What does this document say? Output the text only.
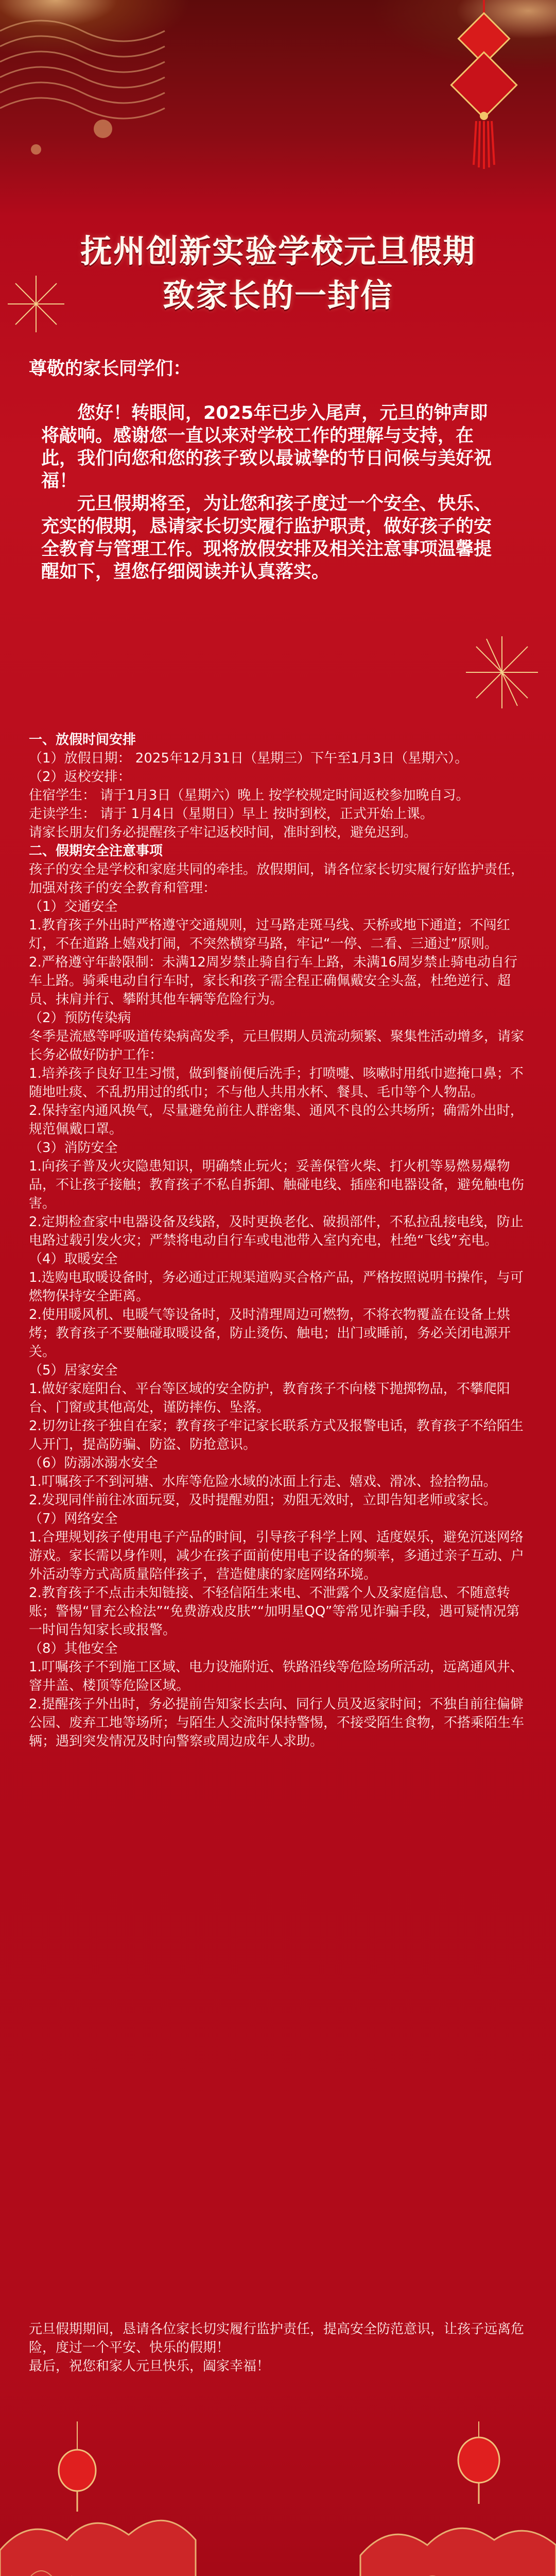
抚州创新实验学校元旦假期
致家长的一封信
尊敬的家长同学们：

您好！转眼间，2025年已步入尾声，元旦的钟声即将敲响。感谢您一直以来对学校工作的理解与支持，在此，我们向您和您的孩子致以最诚挚的节日问候与美好祝福！

元旦假期将至，为让您和孩子度过一个安全、快乐、充实的假期，恳请家长切实履行监护职责，做好孩子的安全教育与管理工作。现将放假安排及相关注意事项温馨提醒如下，望您仔细阅读并认真落实。

一、放假时间安排
（1）放假日期： 2025年12月31日（星期三）下午至1月3日（星期六）。
（2）返校安排：
住宿学生： 请于1月3日（星期六）晚上 按学校规定时间返校参加晚自习。
走读学生： 请于 1月4日（星期日）早上 按时到校，正式开始上课。
请家长朋友们务必提醒孩子牢记返校时间，准时到校，避免迟到。
二、假期安全注意事项
孩子的安全是学校和家庭共同的牵挂。放假期间，请各位家长切实履行好监护责任，加强对孩子的安全教育和管理：
（1）交通安全
1.教育孩子外出时严格遵守交通规则，过马路走斑马线、天桥或地下通道；不闯红灯，不在道路上嬉戏打闹，不突然横穿马路，牢记“一停、二看、三通过”原则。
2.严格遵守年龄限制：未满12周岁禁止骑自行车上路，未满16周岁禁止骑电动自行车上路。骑乘电动自行车时，家长和孩子需全程正确佩戴安全头盔，杜绝逆行、超员、抹肩并行、攀附其他车辆等危险行为。
（2）预防传染病
冬季是流感等呼吸道传染病高发季，元旦假期人员流动频繁、聚集性活动增多，请家长务必做好防护工作：
1.培养孩子良好卫生习惯，做到餐前便后洗手；打喷嚏、咳嗽时用纸巾遮掩口鼻；不随地吐痰、不乱扔用过的纸巾；不与他人共用水杯、餐具、毛巾等个人物品。
2.保持室内通风换气，尽量避免前往人群密集、通风不良的公共场所；确需外出时，规范佩戴口罩。
（3）消防安全
1.向孩子普及火灾隐患知识，明确禁止玩火；妥善保管火柴、打火机等易燃易爆物品，不让孩子接触；教育孩子不私自拆卸、触碰电线、插座和电器设备，避免触电伤害。
2.定期检查家中电器设备及线路，及时更换老化、破损部件，不私拉乱接电线，防止电路过载引发火灾；严禁将电动自行车或电池带入室内充电，杜绝“飞线”充电。
（4）取暖安全
1.选购电取暖设备时，务必通过正规渠道购买合格产品，严格按照说明书操作，与可燃物保持安全距离。
2.使用暖风机、电暖气等设备时，及时清理周边可燃物，不将衣物覆盖在设备上烘烤；教育孩子不要触碰取暖设备，防止烫伤、触电；出门或睡前，务必关闭电源开关。
（5）居家安全
1.做好家庭阳台、平台等区域的安全防护，教育孩子不向楼下抛掷物品，不攀爬阳台、门窗或其他高处，谨防摔伤、坠落。
2.切勿让孩子独自在家；教育孩子牢记家长联系方式及报警电话，教育孩子不给陌生人开门，提高防骗、防盗、防抢意识。
（6）防溺冰溺水安全
1.叮嘱孩子不到河塘、水库等危险水域的冰面上行走、嬉戏、滑冰、捡拾物品。
2.发现同伴前往冰面玩耍，及时提醒劝阻；劝阻无效时，立即告知老师或家长。
（7）网络安全
1.合理规划孩子使用电子产品的时间，引导孩子科学上网、适度娱乐，避免沉迷网络游戏。家长需以身作则，减少在孩子面前使用电子设备的频率，多通过亲子互动、户外活动等方式高质量陪伴孩子，营造健康的家庭网络环境。
2.教育孩子不点击未知链接、不轻信陌生来电、不泄露个人及家庭信息、不随意转账；警惕“冒充公检法”“免费游戏皮肤”“加明星QQ”等常见诈骗手段，遇可疑情况第一时间告知家长或报警。
（8）其他安全
1.叮嘱孩子不到施工区域、电力设施附近、铁路沿线等危险场所活动，远离通风井、窨井盖、楼顶等危险区域。
2.提醒孩子外出时，务必提前告知家长去向、同行人员及返家时间；不独自前往偏僻公园、废弃工地等场所；与陌生人交流时保持警惕，不接受陌生食物，不搭乘陌生车辆；遇到突发情况及时向警察或周边成年人求助。
元旦假期期间，恳请各位家长切实履行监护责任，提高安全防范意识，让孩子远离危险，度过一个平安、快乐的假期！
最后，祝您和家人元旦快乐，阖家幸福！
